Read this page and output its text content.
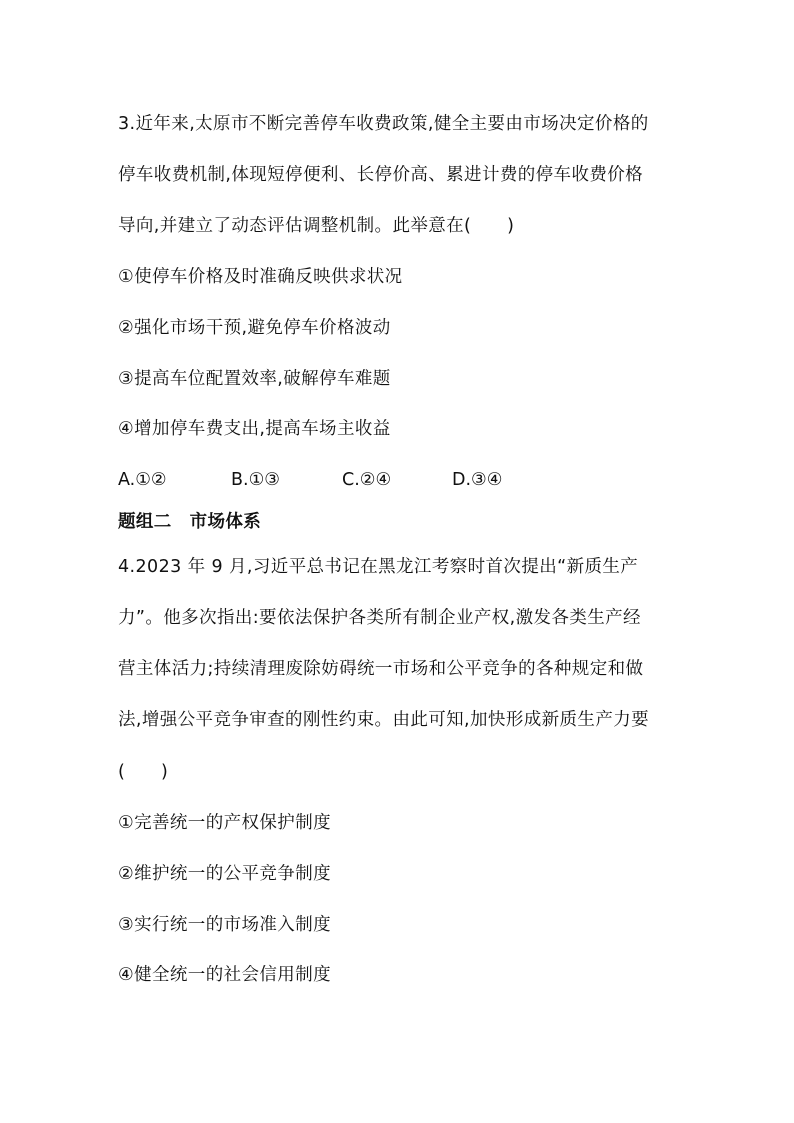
3.近年来,太原市不断完善停车收费政策,健全主要由市场决定价格的
停车收费机制,体现短停便利、长停价高、累进计费的停车收费价格
导向,并建立了动态评估调整机制。此举意在(　　)
①使停车价格及时准确反映供求状况
②强化市场干预,避免停车价格波动
③提高车位配置效率,破解停车难题
④增加停车费支出,提高车场主收益
A.①②	B.①③	C.②④	D.③④
题组二　市场体系
4.2023 年 9 月,习近平总书记在黑龙江考察时首次提出“新质生产
力”。他多次指出:要依法保护各类所有制企业产权,激发各类生产经
营主体活力;持续清理废除妨碍统一市场和公平竞争的各种规定和做
法,增强公平竞争审查的刚性约束。由此可知,加快形成新质生产力要
(　　)
①完善统一的产权保护制度
②维护统一的公平竞争制度
③实行统一的市场准入制度
④健全统一的社会信用制度
